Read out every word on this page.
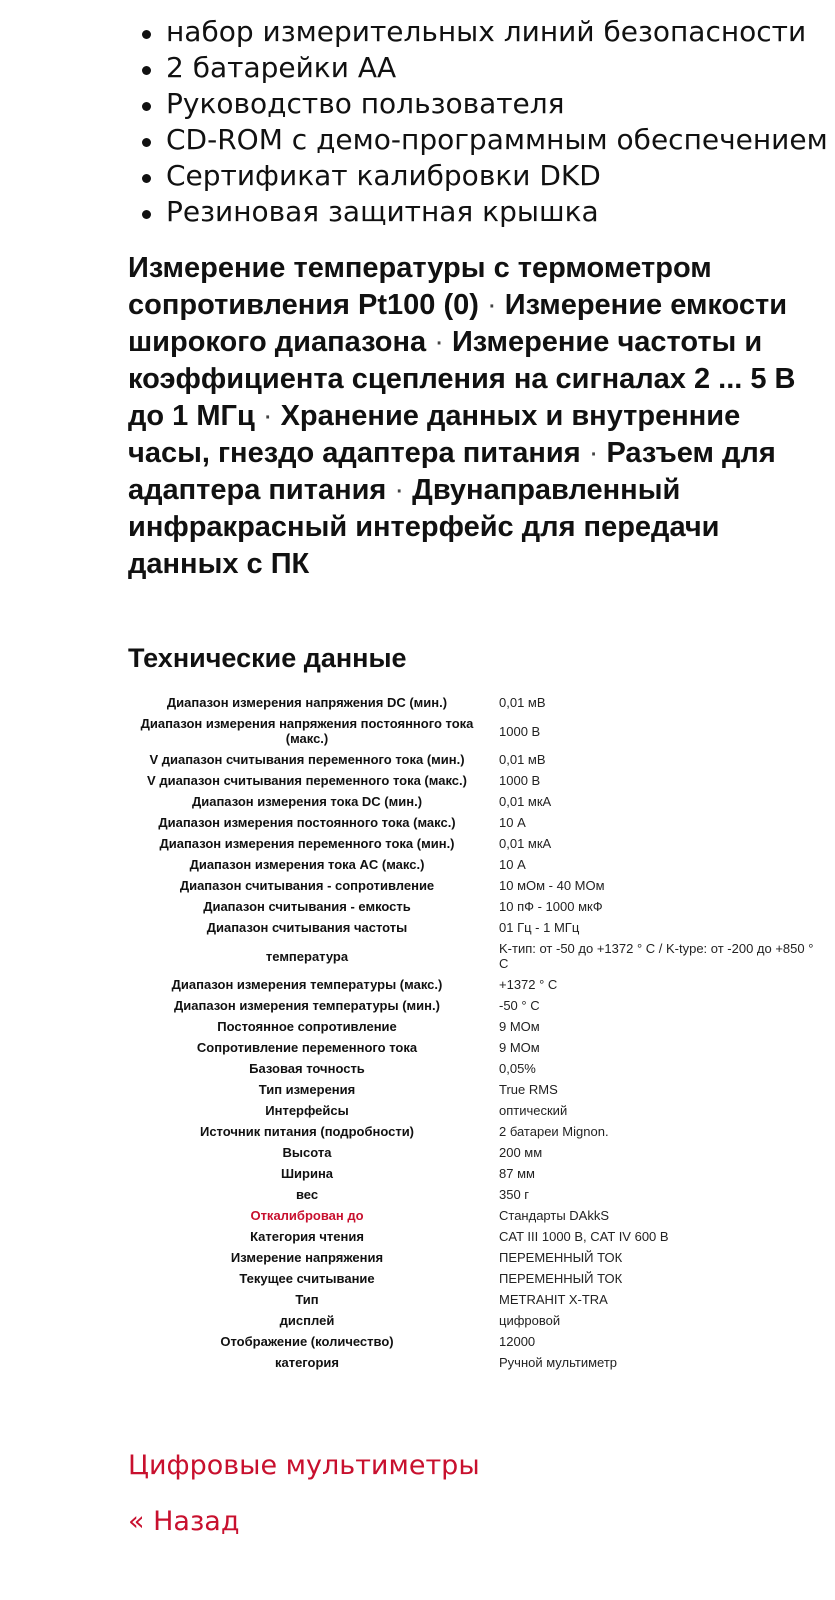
набор измерительных линий безопасности
2 батарейки АА
Руководство пользователя
CD-ROM с демо-программным обеспечением
Сертификат калибровки DKD
Резиновая защитная крышка

Измерение температуры с термометром сопротивления Pt100 (0) · Измерение емкости широкого диапазона · Измерение частоты и коэффициента сцепления на сигналах 2 ... 5 В до 1 МГц · Хранение данных и внутренние часы, гнездо адаптера питания · Разъем для адаптера питания · Двунаправленный инфракрасный интерфейс для передачи данных с ПК

Технические данные
Диапазон измерения напряжения DC (мин.)	0,01 мВ
Диапазон измерения напряжения постоянного тока (макс.)	1000 В
V диапазон считывания переменного тока (мин.)	0,01 мВ
V диапазон считывания переменного тока (макс.)	1000 В
Диапазон измерения тока DC (мин.)	0,01 мкА
Диапазон измерения постоянного тока (макс.)	10 А
Диапазон измерения переменного тока (мин.)	0,01 мкА
Диапазон измерения тока AC (макс.)	10 А
Диапазон считывания - сопротивление	10 мОм - 40 МОм
Диапазон считывания - емкость	10 пФ - 1000 мкФ
Диапазон считывания частоты	01 Гц - 1 МГц
температура	K-тип: от -50 до +1372 ° C / K-type: от -200 до +850 ° C
Диапазон измерения температуры (макс.)	+1372 ° C
Диапазон измерения температуры (мин.)	-50 ° C
Постоянное сопротивление	9 МОм
Сопротивление переменного тока	9 МОм
Базовая точность	0,05%
Тип измерения	True RMS
Интерфейсы	оптический
Источник питания (подробности)	2 батареи Mignon.
Высота	200 мм
Ширина	87 мм
вес	350 г
Откалиброван до	Стандарты DAkkS
Категория чтения	CAT III 1000 В, CAT IV 600 В
Измерение напряжения	ПЕРЕМЕННЫЙ ТОК
Текущее считывание	ПЕРЕМЕННЫЙ ТОК
Тип	METRAHIT X-TRA
дисплей	цифровой
Отображение (количество)	12000
категория	Ручной мультиметр
Цифровые мультиметры
« Назад
